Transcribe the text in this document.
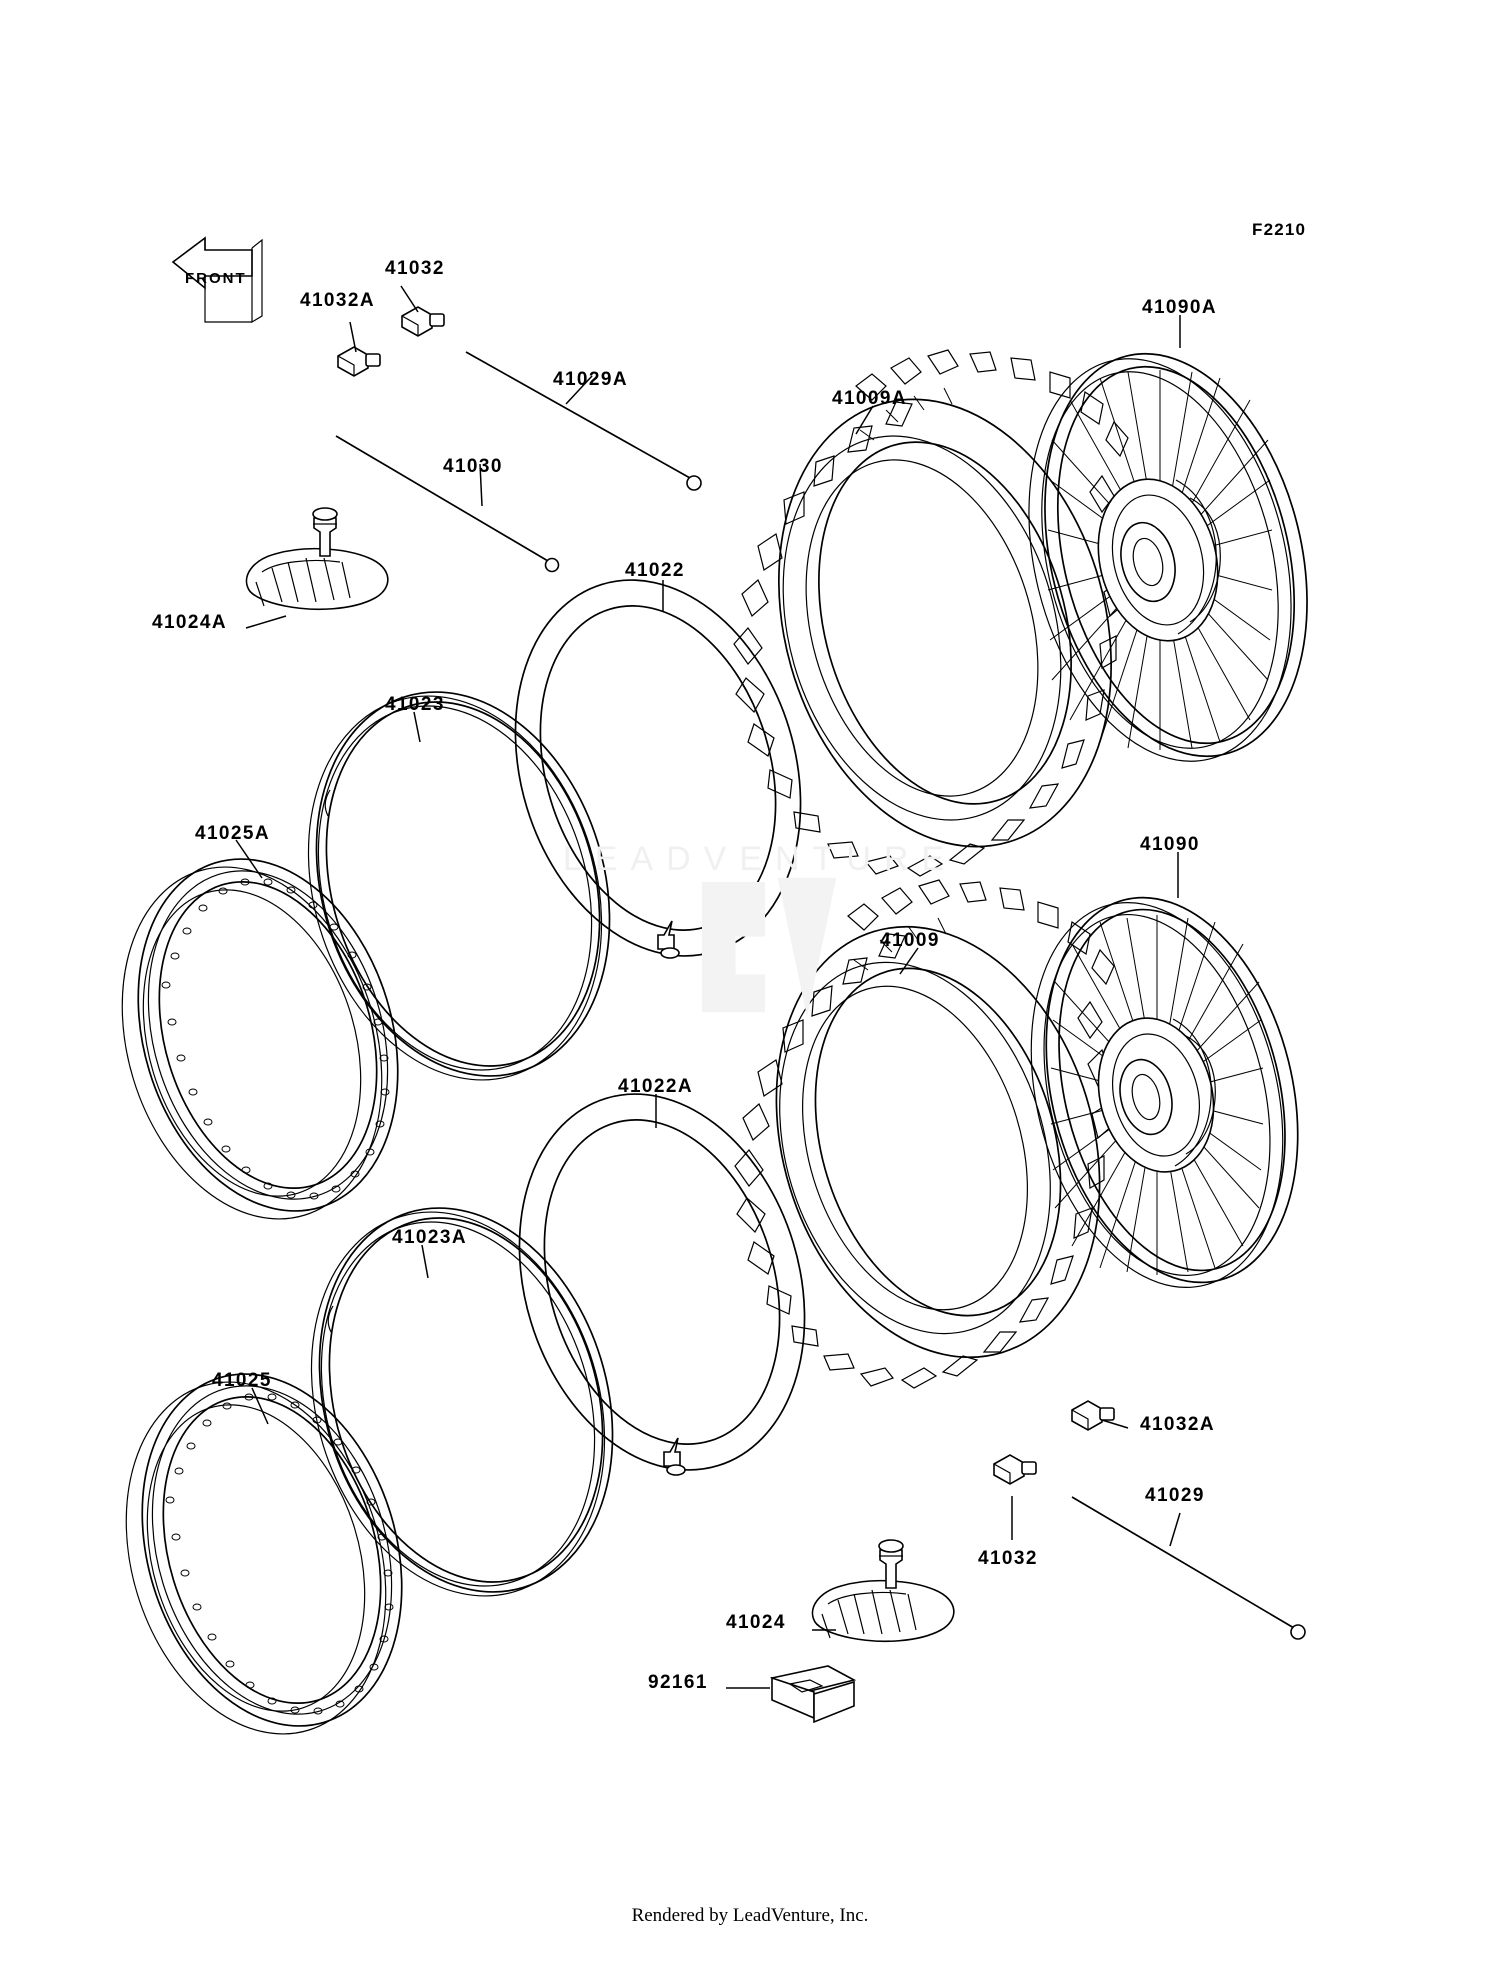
LEADVENTURE
FRONT
F2210
41032
41032A
41029A
41030
41024A
41022
41023
41025A
41009A
41090A
41009
41090
41022A
41023A
41025
41032A
41029
41032
41024
92161
Rendered by LeadVenture, Inc.
